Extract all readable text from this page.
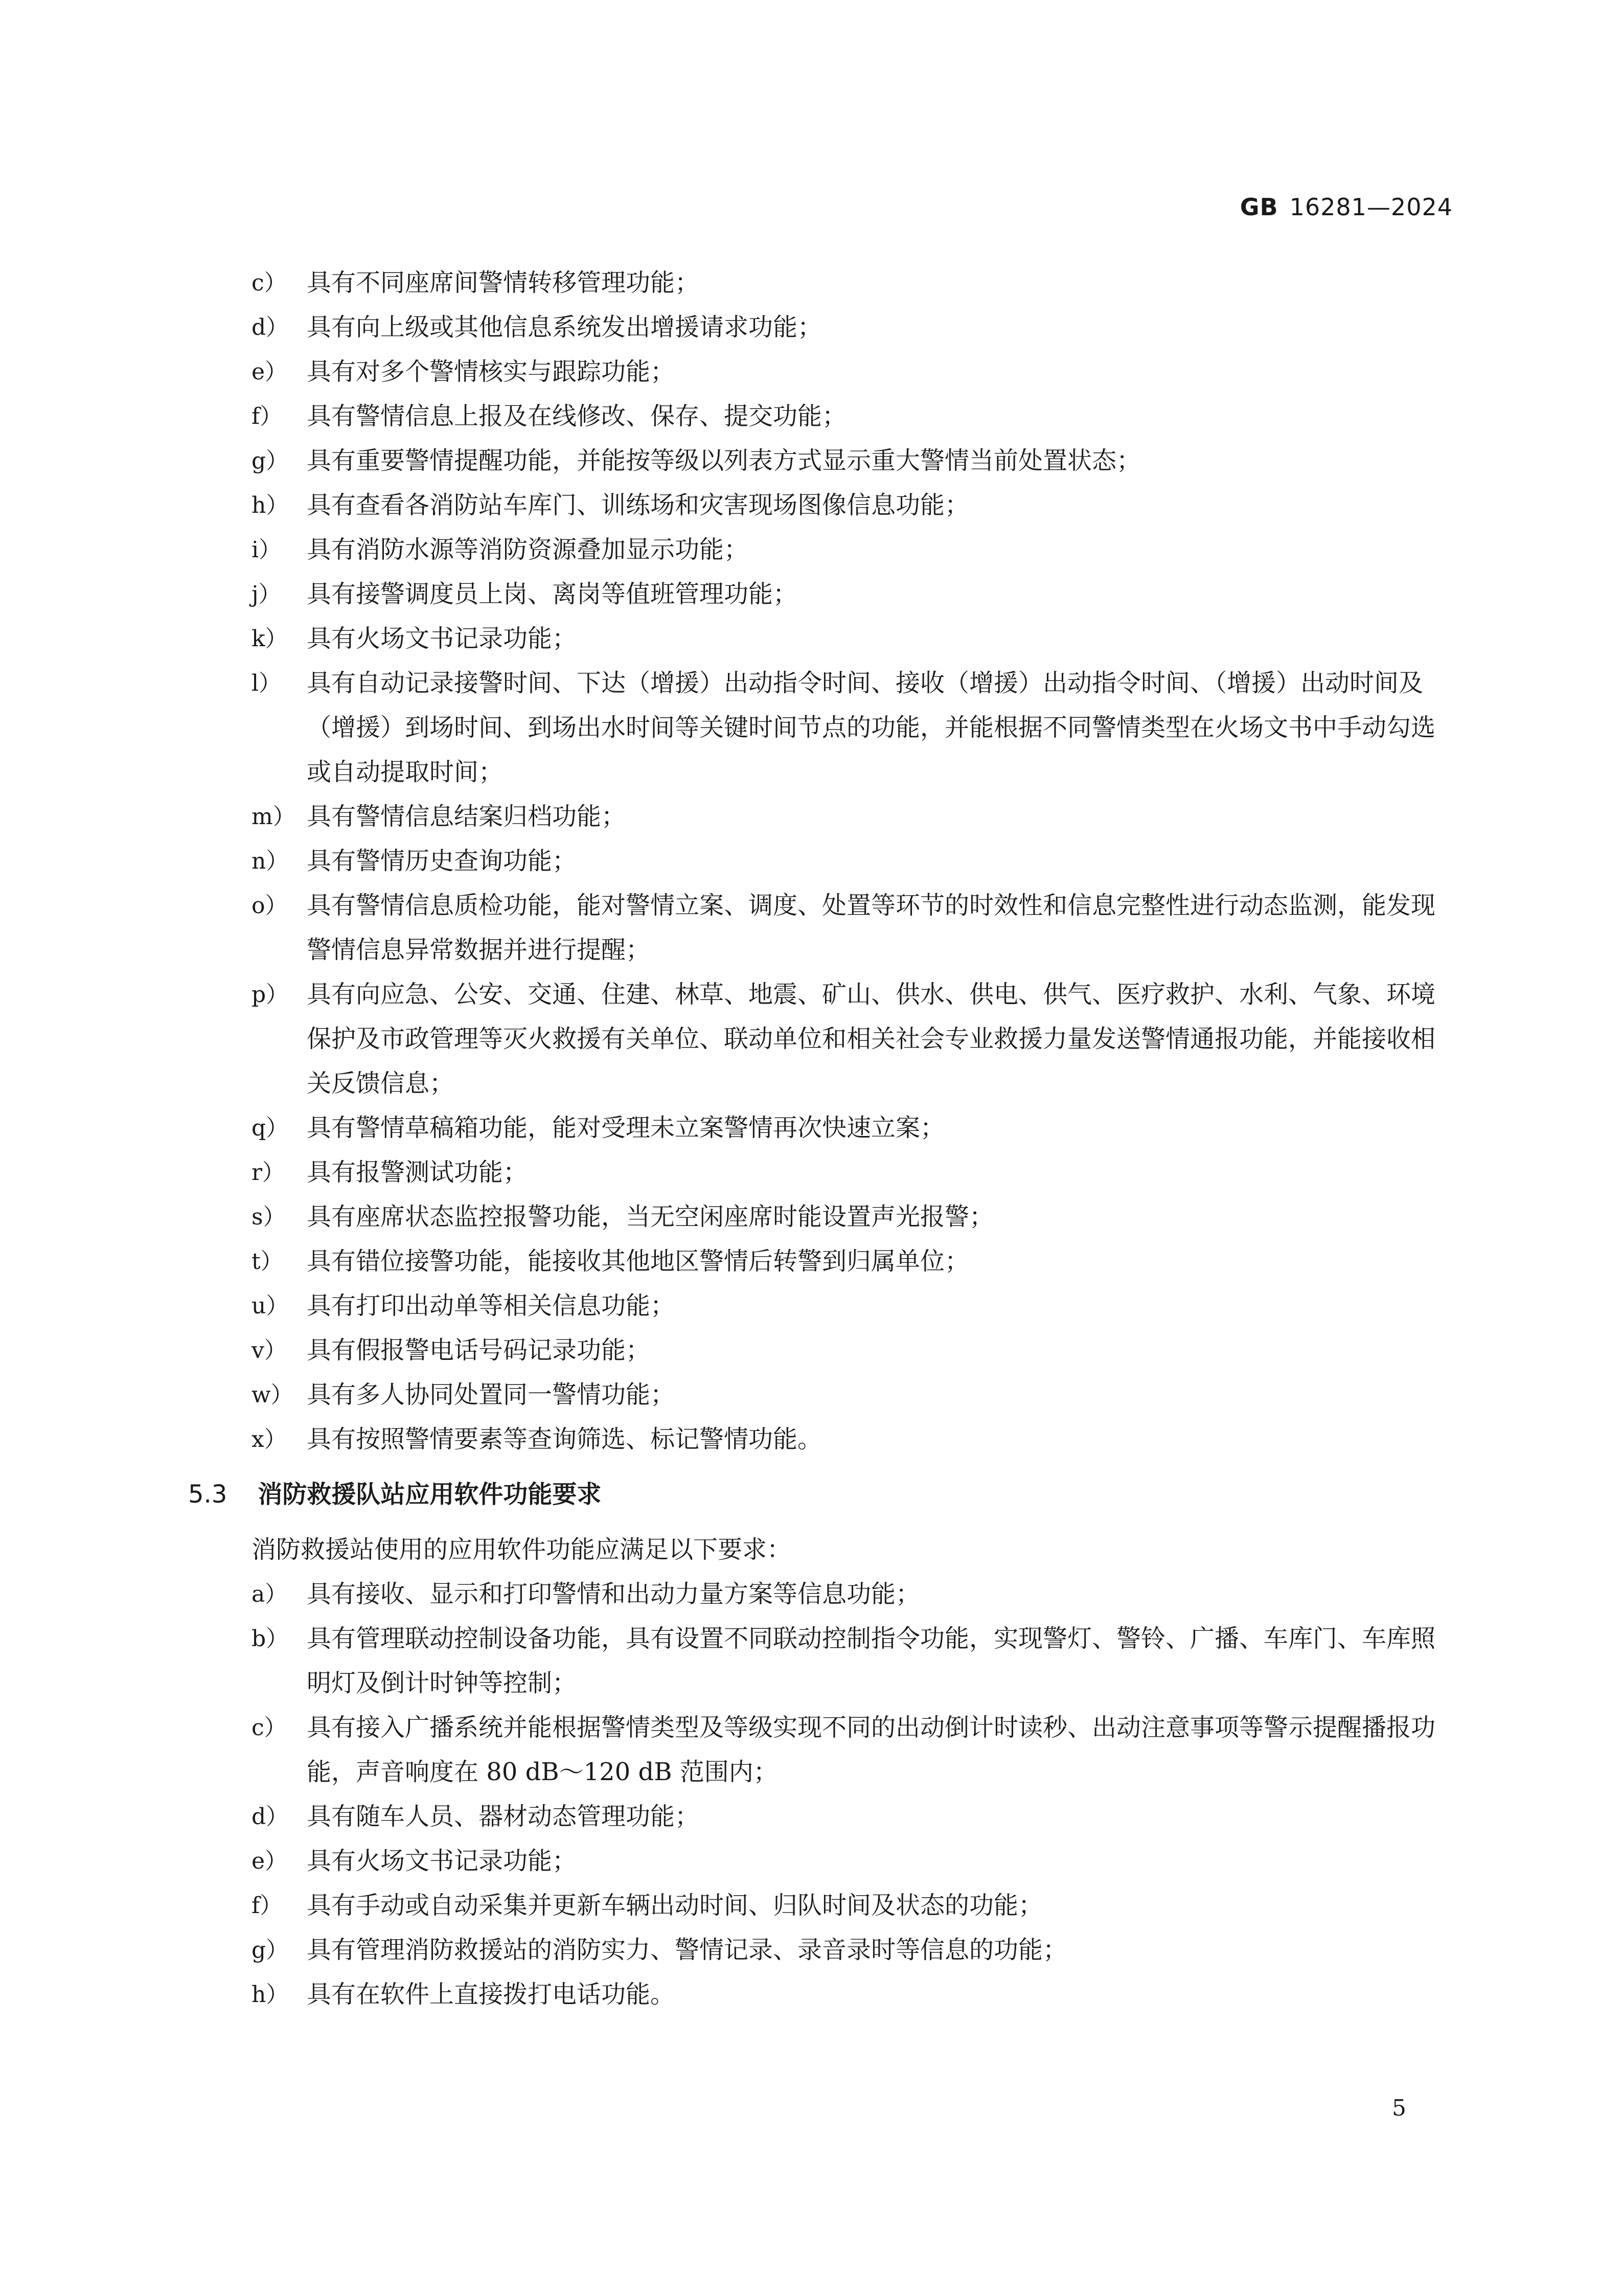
GB 16281—2024
c） 具有不同座席间警情转移管理功能；
d） 具有向上级或其他信息系统发出增援请求功能；
e） 具有对多个警情核实与跟踪功能；
f） 具有警情信息上报及在线修改、保存、提交功能；
g） 具有重要警情提醒功能，并能按等级以列表方式显示重大警情当前处置状态；
h） 具有查看各消防站车库门、训练场和灾害现场图像信息功能；
i）	具有消防水源等消防资源叠加显示功能；
j）	具有接警调度员上岗、离岗等值班管理功能；
k） 具有火场文书记录功能；
l）	具有自动记录接警时间、下达（增援）出动指令时间、接收（增援）出动指令时间、（增援）出动时间及（增援）到场时间、到场出水时间等关键时间节点的功能，并能根据不同警情类型在火场文书中手动勾选或自动提取时间；
m） 具有警情信息结案归档功能；
n） 具有警情历史查询功能；
o） 具有警情信息质检功能，能对警情立案、调度、处置等环节的时效性和信息完整性进行动态监测，能发现警情信息异常数据并进行提醒；
p） 具有向应急、公安、交通、住建、林草、地震、矿山、供水、供电、供气、医疗救护、水利、气象、环境保护及市政管理等灭火救援有关单位、联动单位和相关社会专业救援力量发送警情通报功能，并能接收相关反馈信息；
q） 具有警情草稿箱功能，能对受理未立案警情再次快速立案；
r） 具有报警测试功能；
s） 具有座席状态监控报警功能，当无空闲座席时能设置声光报警；
t） 具有错位接警功能，能接收其他地区警情后转警到归属单位；
u） 具有打印出动单等相关信息功能；
v） 具有假报警电话号码记录功能；
w） 具有多人协同处置同一警情功能；
x） 具有按照警情要素等查询筛选、标记警情功能。
5.3 消防救援队站应用软件功能要求
消防救援站使用的应用软件功能应满足以下要求：
a） 具有接收、显示和打印警情和出动力量方案等信息功能；
b） 具有管理联动控制设备功能，具有设置不同联动控制指令功能，实现警灯、警铃、广播、车库门、车库照明灯及倒计时钟等控制；
c） 具有接入广播系统并能根据警情类型及等级实现不同的出动倒计时读秒、出动注意事项等警示提醒播报功能，声音响度在 80 dB～120 dB 范围内；
d） 具有随车人员、器材动态管理功能；
e） 具有火场文书记录功能；
f） 具有手动或自动采集并更新车辆出动时间、归队时间及状态的功能；
g） 具有管理消防救援站的消防实力、警情记录、录音录时等信息的功能；
h） 具有在软件上直接拨打电话功能。
5
